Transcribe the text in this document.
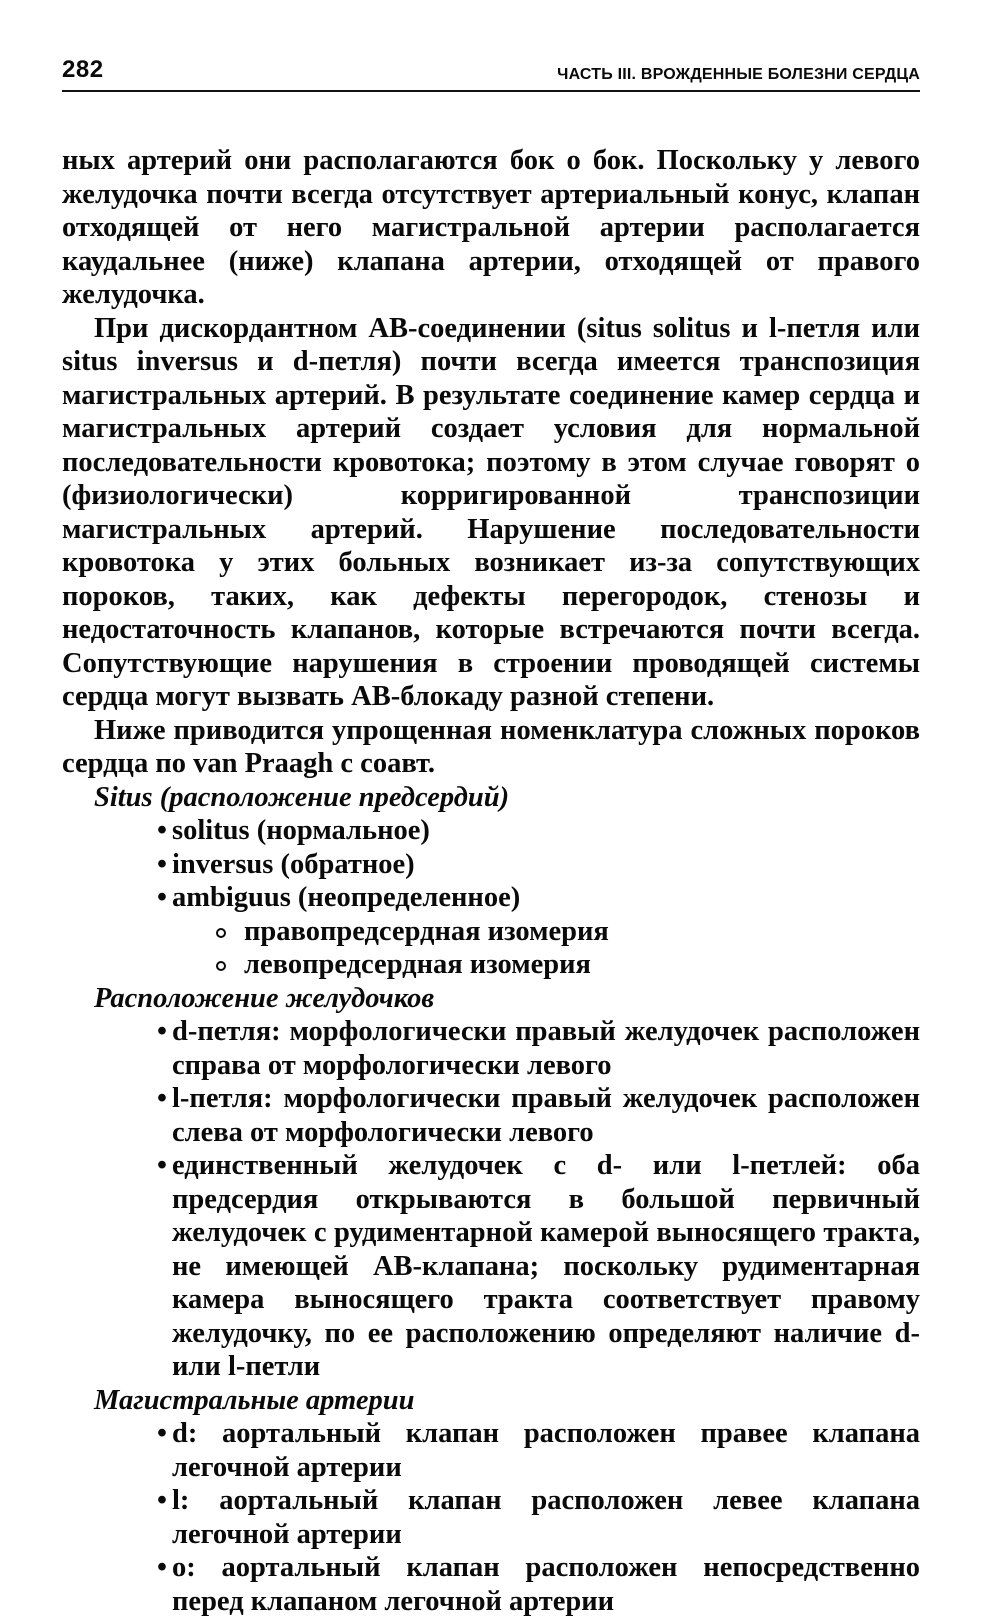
282	ЧАСТЬ III. ВРОЖДЕННЫЕ БОЛЕЗНИ СЕРДЦА

ных артерий они располагаются бок о бок. Поскольку у левого желудочка почти всегда отсутствует артериальный конус, клапан отходящей от него магистральной артерии располагается каудальнее (ниже) клапана артерии, отходящей от правого желудочка.

При дискордантном АВ-соединении (situs solitus и l-петля или situs inversus и d-петля) почти всегда имеется транспозиция магистральных артерий. В результате соединение камер сердца и магистральных артерий создает условия для нормальной последовательности кровотока; поэтому в этом случае говорят о (физиологически) корригированной транспозиции магистральных артерий. Нарушение последовательности кровотока у этих больных возникает из-за сопутствующих пороков, таких, как дефекты перегородок, стенозы и недостаточность клапанов, которые встречаются почти всегда. Сопутствующие нарушения в строении проводящей системы сердца могут вызвать АВ-блокаду разной степени.

Ниже приводится упрощенная номенклатура сложных пороков сердца по van Praagh с соавт.

Situs (расположение предсердий)
• solitus (нормальное)
• inversus (обратное)
• ambiguus (неопределенное)
правопредсердная изомерия
левопредсердная изомерия
Расположение желудочков
• d-петля: морфологически правый желудочек расположен справа от морфологически левого
• l-петля: морфологически правый желудочек расположен слева от морфологически левого
• единственный желудочек с d- или l-петлей: оба предсердия открываются в большой первичный желудочек с рудиментарной камерой выносящего тракта, не имеющей АВ-клапана; поскольку рудиментарная камера выносящего тракта соответствует правому желудочку, по ее расположению определяют наличие d- или l-петли
Магистральные артерии
• d: аортальный клапан расположен правее клапана легочной артерии
• l: аортальный клапан расположен левее клапана легочной артерии
• o: аортальный клапан расположен непосредственно перед клапаном легочной артерии
